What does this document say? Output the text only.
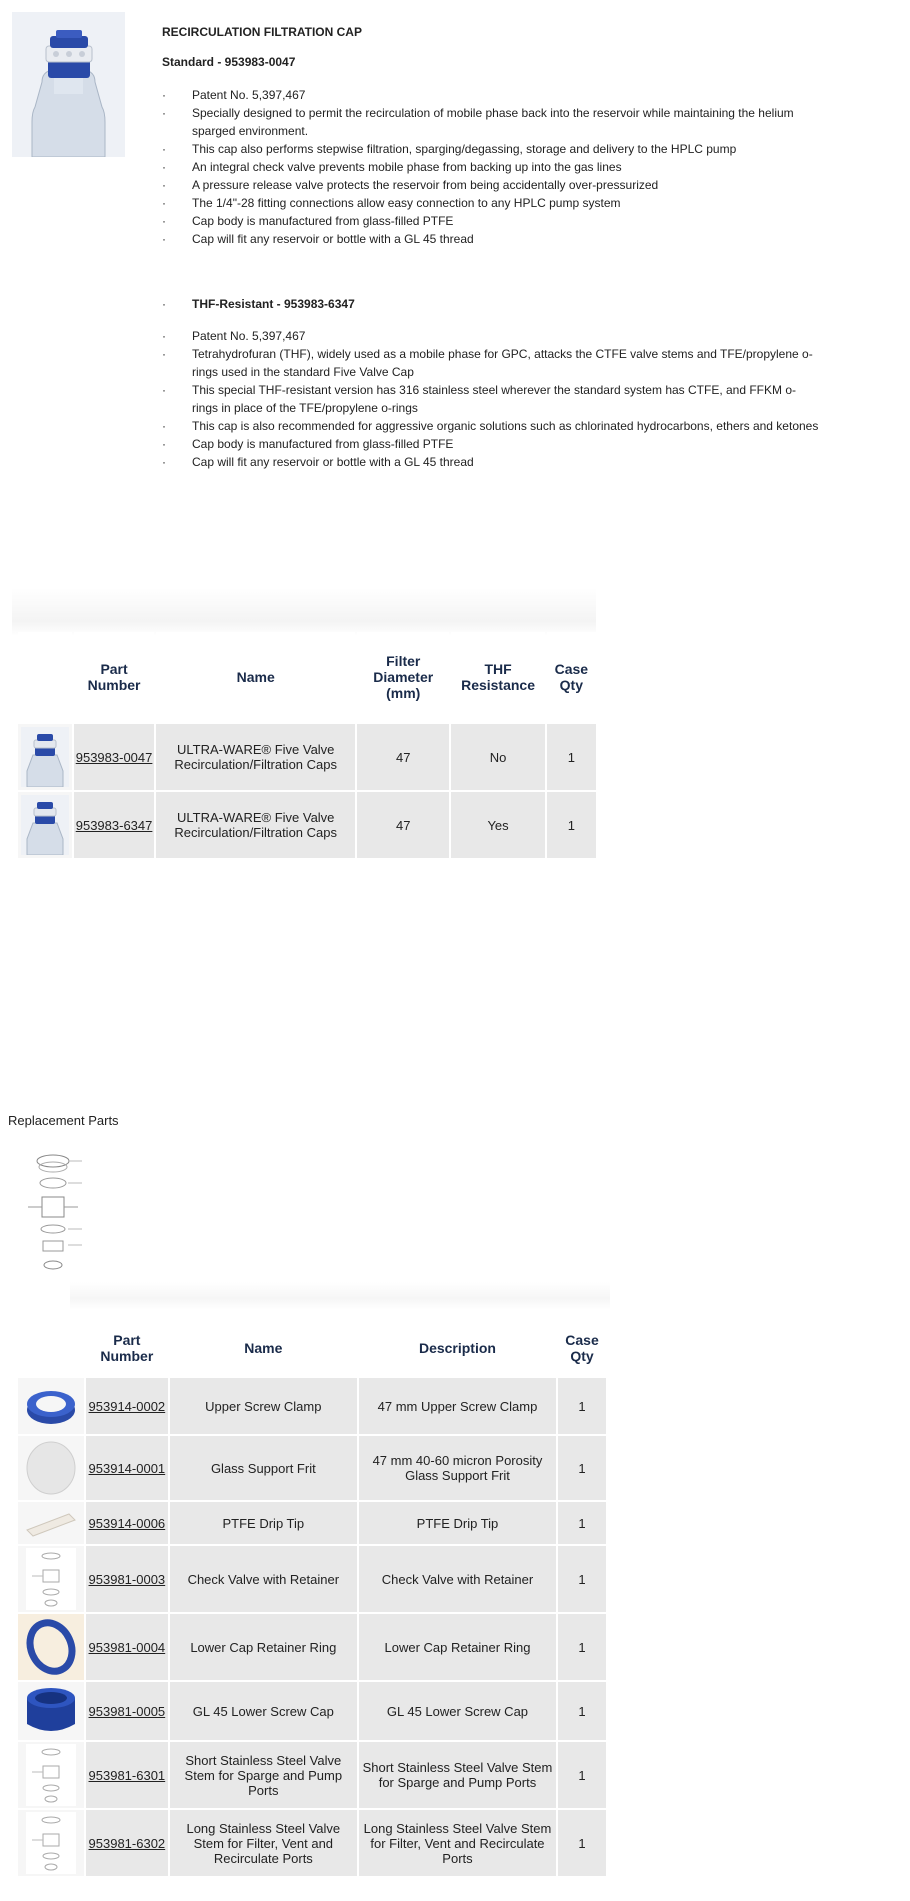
RECIRCULATION FILTRATION CAP
Standard - 953983-0047
·	Patent No. 5,397,467
·	Specially designed to permit the recirculation of mobile phase back into the reservoir while maintaining the helium sparged environment.
·	This cap also performs stepwise filtration, sparging/degassing, storage and delivery to the HPLC pump
·	An integral check valve prevents mobile phase from backing up into the gas lines
·	A pressure release valve protects the reservoir from being accidentally over-pressurized
·	The 1/4"-28 fitting connections allow easy connection to any HPLC pump system
·	Cap body is manufactured from glass-filled PTFE
·	Cap will fit any reservoir or bottle with a GL 45 thread
· THF-Resistant - 953983-6347
·	Patent No. 5,397,467
·	Tetrahydrofuran (THF), widely used as a mobile phase for GPC, attacks the CTFE valve stems and TFE/propylene o-rings used in the standard Five Valve Cap
·	This special THF-resistant version has 316 stainless steel wherever the standard system has CTFE, and FFKM o-rings in place of the TFE/propylene o-rings
·	This cap is also recommended for aggressive organic solutions such as chlorinated hydrocarbons, ethers and ketones
·	Cap body is manufactured from glass-filled PTFE
·	Cap will fit any reservoir or bottle with a GL 45 thread
	Part Number	Name	Filter Diameter (mm)	THF Resistance	Case Qty

	953983-0047	ULTRA-WARE® Five Valve Recirculation/Filtration Caps	47	No	1

	953983-6347	ULTRA-WARE® Five Valve Recirculation/Filtration Caps	47	Yes	1
Replacement Parts
	Part Number	Name	Description	Case Qty

	953914-0002	Upper Screw Clamp	47 mm Upper Screw Clamp	1

	953914-0001	Glass Support Frit	47 mm 40-60 micron Porosity Glass Support Frit	1

	953914-0006	PTFE Drip Tip	PTFE Drip Tip	1

	953981-0003	Check Valve with Retainer	Check Valve with Retainer	1

	953981-0004	Lower Cap Retainer Ring	Lower Cap Retainer Ring	1

	953981-0005	GL 45 Lower Screw Cap	GL 45 Lower Screw Cap	1

	953981-6301	Short Stainless Steel Valve Stem for Sparge and Pump Ports	Short Stainless Steel Valve Stem for Sparge and Pump Ports	1

	953981-6302	Long Stainless Steel Valve Stem for Filter, Vent and Recirculate Ports	Long Stainless Steel Valve Stem for Filter, Vent and Recirculate Ports	1
